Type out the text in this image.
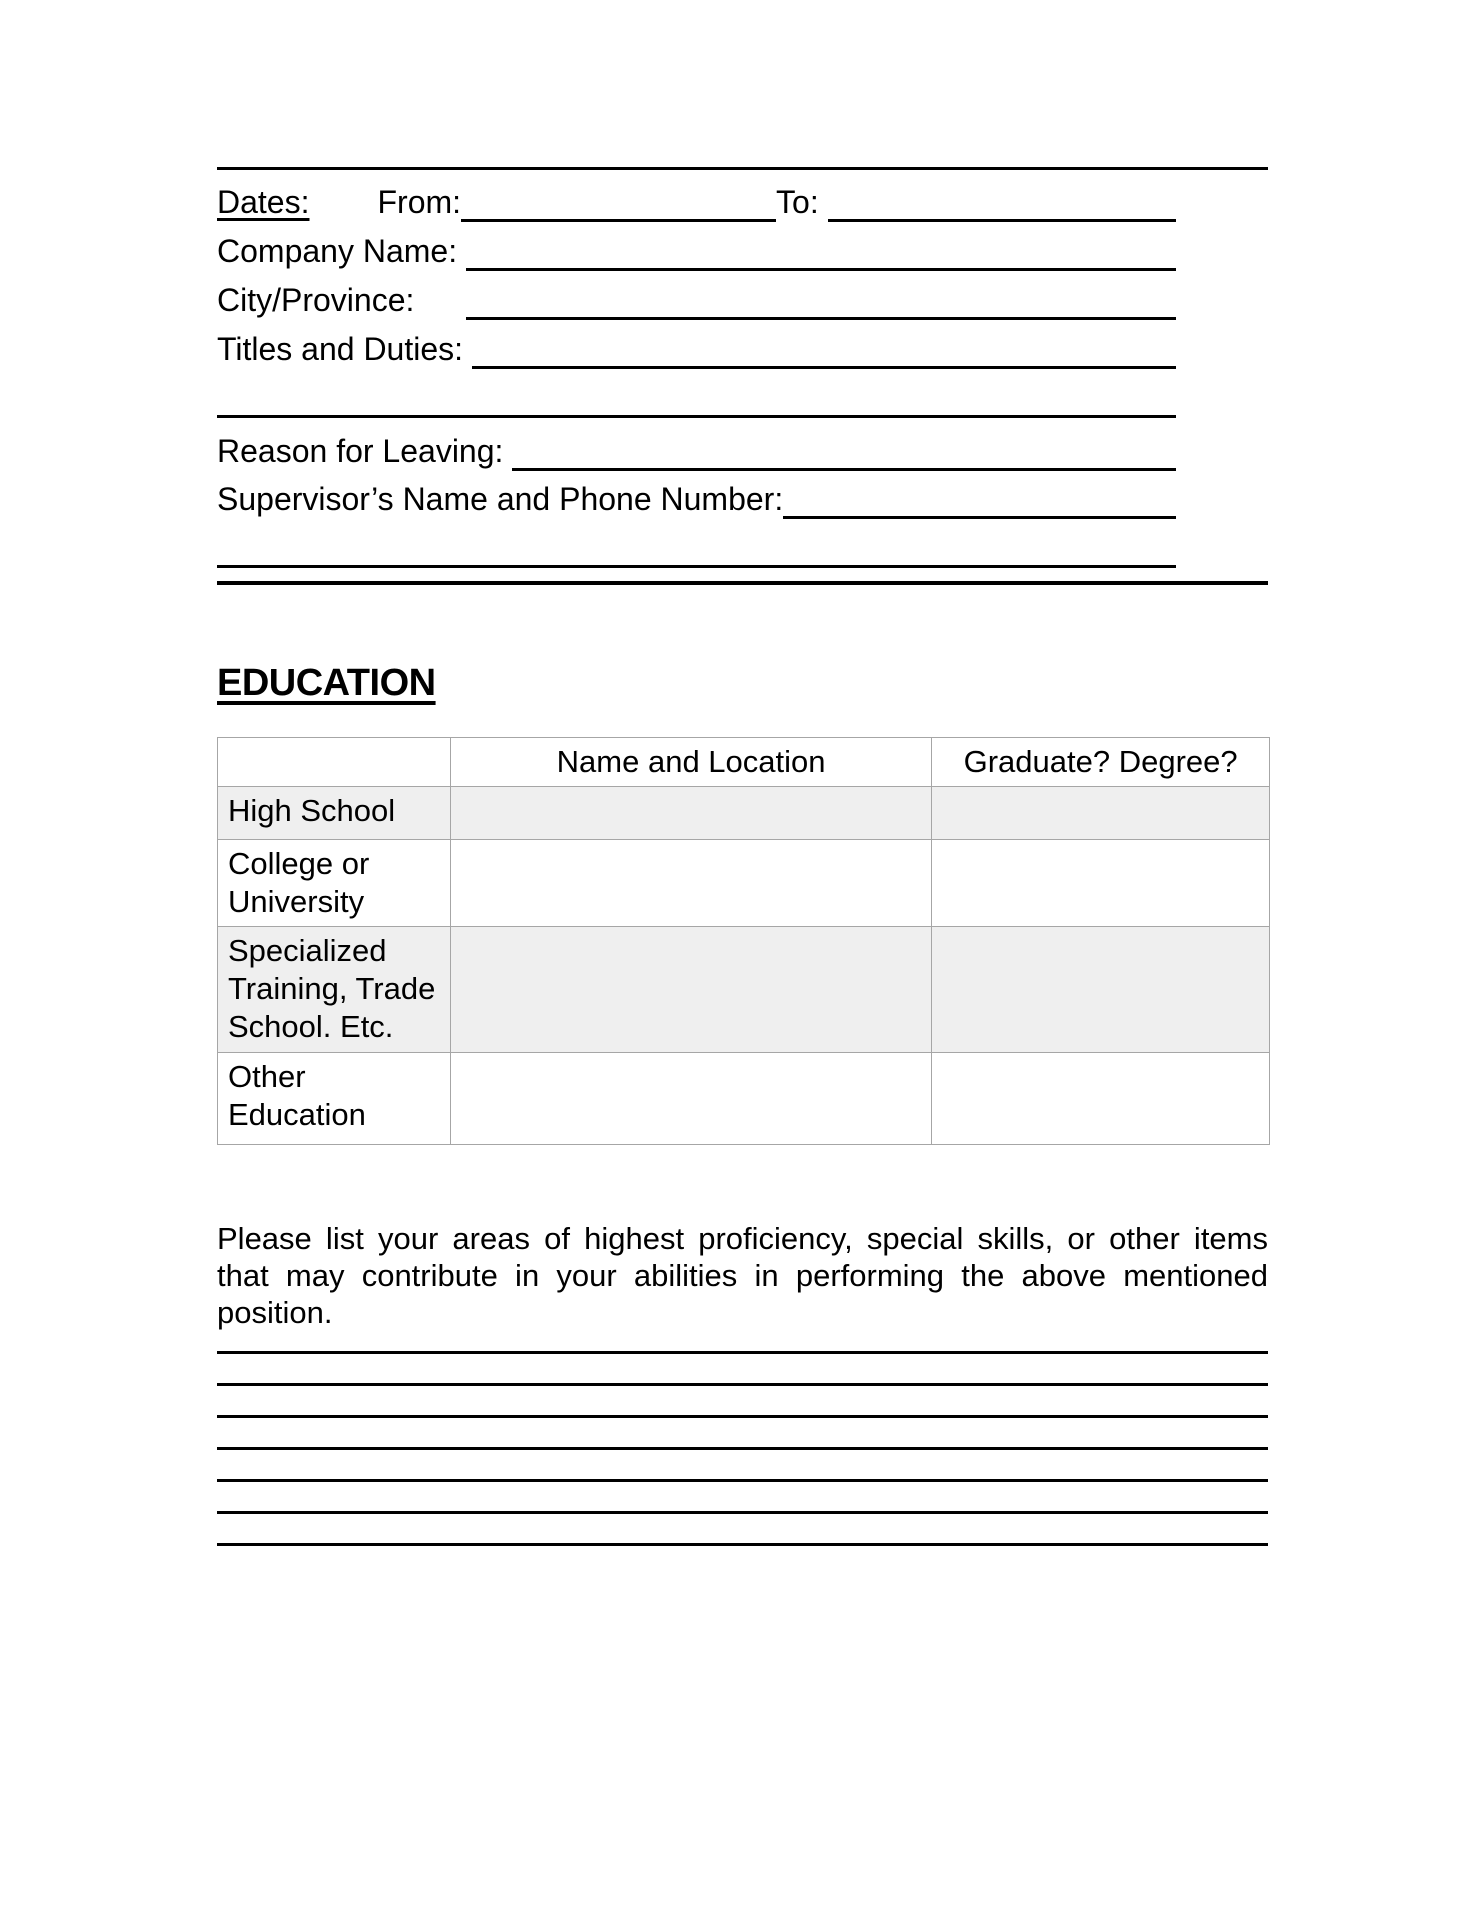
Dates: From:	To:
Company Name:
City/Province:
Titles and Duties:
Reason for Leaving:
Supervisor’s Name and Phone Number:
EDUCATION
	Name and Location	Graduate? Degree?
High School		
College or University		
Specialized Training, Trade School. Etc.		
Other Education		
Please list your areas of highest proficiency, special skills, or other items
that may contribute in your abilities in performing the above mentioned
position.
